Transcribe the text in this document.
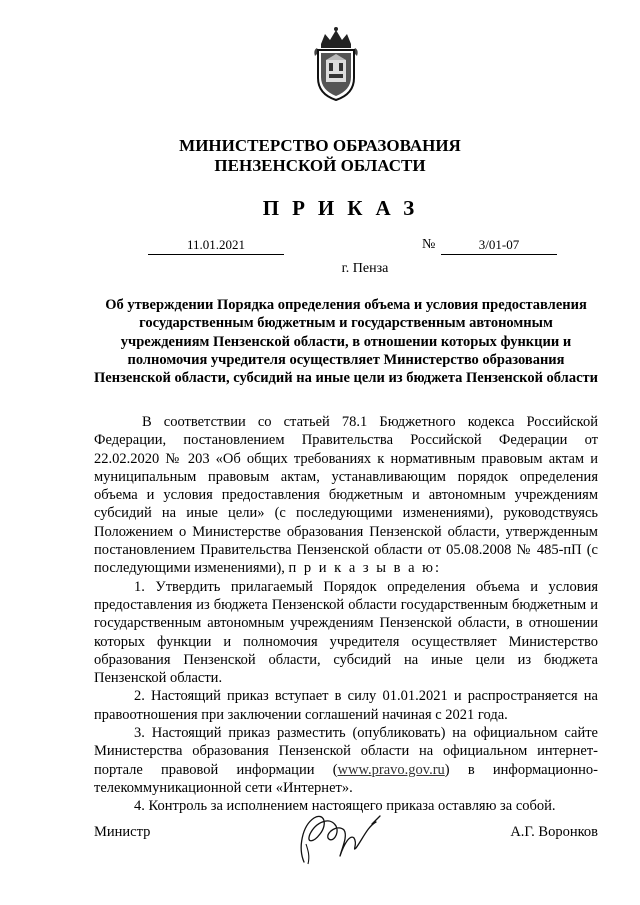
МИНИСТЕРСТВО ОБРАЗОВАНИЯ
ПЕНЗЕНСКОЙ ОБЛАСТИ
ПРИКАЗ
11.01.2021	№	3/01-07
г. Пенза
Об утверждении Порядка определения объема и условия предоставления государственным бюджетным и государственным автономным учреждениям Пензенской области, в отношении которых функции и полномочия учредителя осуществляет Министерство образования Пензенской области, субсидий на иные цели из бюджета Пензенской области

В соответствии со статьей 78.1 Бюджетного кодекса Российской Федерации, постановлением Правительства Российской Федерации от 22.02.2020 № 203 «Об общих требованиях к нормативным правовым актам и муниципальным правовым актам, устанавливающим порядок определения объема и условия предоставления бюджетным и автономным учреждениям субсидий на иные цели» (с последующими изменениями), руководствуясь Положением о Министерстве образования Пензенской области, утвержденным постановлением Правительства Пензенской области от 05.08.2008 № 485-пП (с последующими изменениями), п р и к а з ы в а ю:

1. Утвердить прилагаемый Порядок определения объема и условия предоставления из бюджета Пензенской области государственным бюджетным и государственным автономным учреждениям Пензенской области, в отношении которых функции и полномочия учредителя осуществляет Министерство образования Пензенской области, субсидий на иные цели из бюджета Пензенской области.

2. Настоящий приказ вступает в силу 01.01.2021 и распространяется на правоотношения при заключении соглашений начиная с 2021 года.

3. Настоящий приказ разместить (опубликовать) на официальном сайте Министерства образования Пензенской области на официальном интернет-портале правовой информации (www.pravo.gov.ru) в информационно-телекоммуникационной сети «Интернет».

4. Контроль за исполнением настоящего приказа оставляю за собой.

Министр	А.Г. Воронков
